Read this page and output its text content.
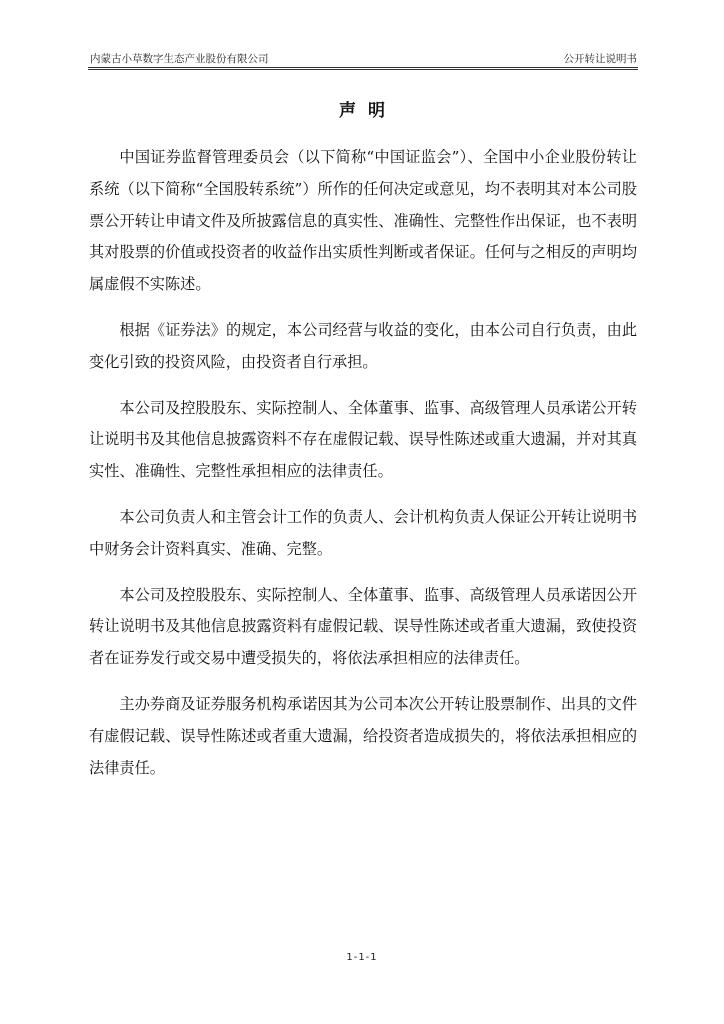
内蒙古小草数字生态产业股份有限公司	公开转让说明书
声明

中国证券监督管理委员会（以下简称“中国证监会”）、全国中小企业股份转让系统（以下简称“全国股转系统”）所作的任何决定或意见，均不表明其对本公司股票公开转让申请文件及所披露信息的真实性、准确性、完整性作出保证，也不表明其对股票的价值或投资者的收益作出实质性判断或者保证。任何与之相反的声明均属虚假不实陈述。

根据《证券法》的规定，本公司经营与收益的变化，由本公司自行负责，由此变化引致的投资风险，由投资者自行承担。

本公司及控股股东、实际控制人、全体董事、监事、高级管理人员承诺公开转让说明书及其他信息披露资料不存在虚假记载、误导性陈述或重大遗漏，并对其真实性、准确性、完整性承担相应的法律责任。

本公司负责人和主管会计工作的负责人、会计机构负责人保证公开转让说明书中财务会计资料真实、准确、完整。

本公司及控股股东、实际控制人、全体董事、监事、高级管理人员承诺因公开转让说明书及其他信息披露资料有虚假记载、误导性陈述或者重大遗漏，致使投资者在证券发行或交易中遭受损失的，将依法承担相应的法律责任。

主办券商及证券服务机构承诺因其为公司本次公开转让股票制作、出具的文件有虚假记载、误导性陈述或者重大遗漏，给投资者造成损失的，将依法承担相应的法律责任。

1-1-1
